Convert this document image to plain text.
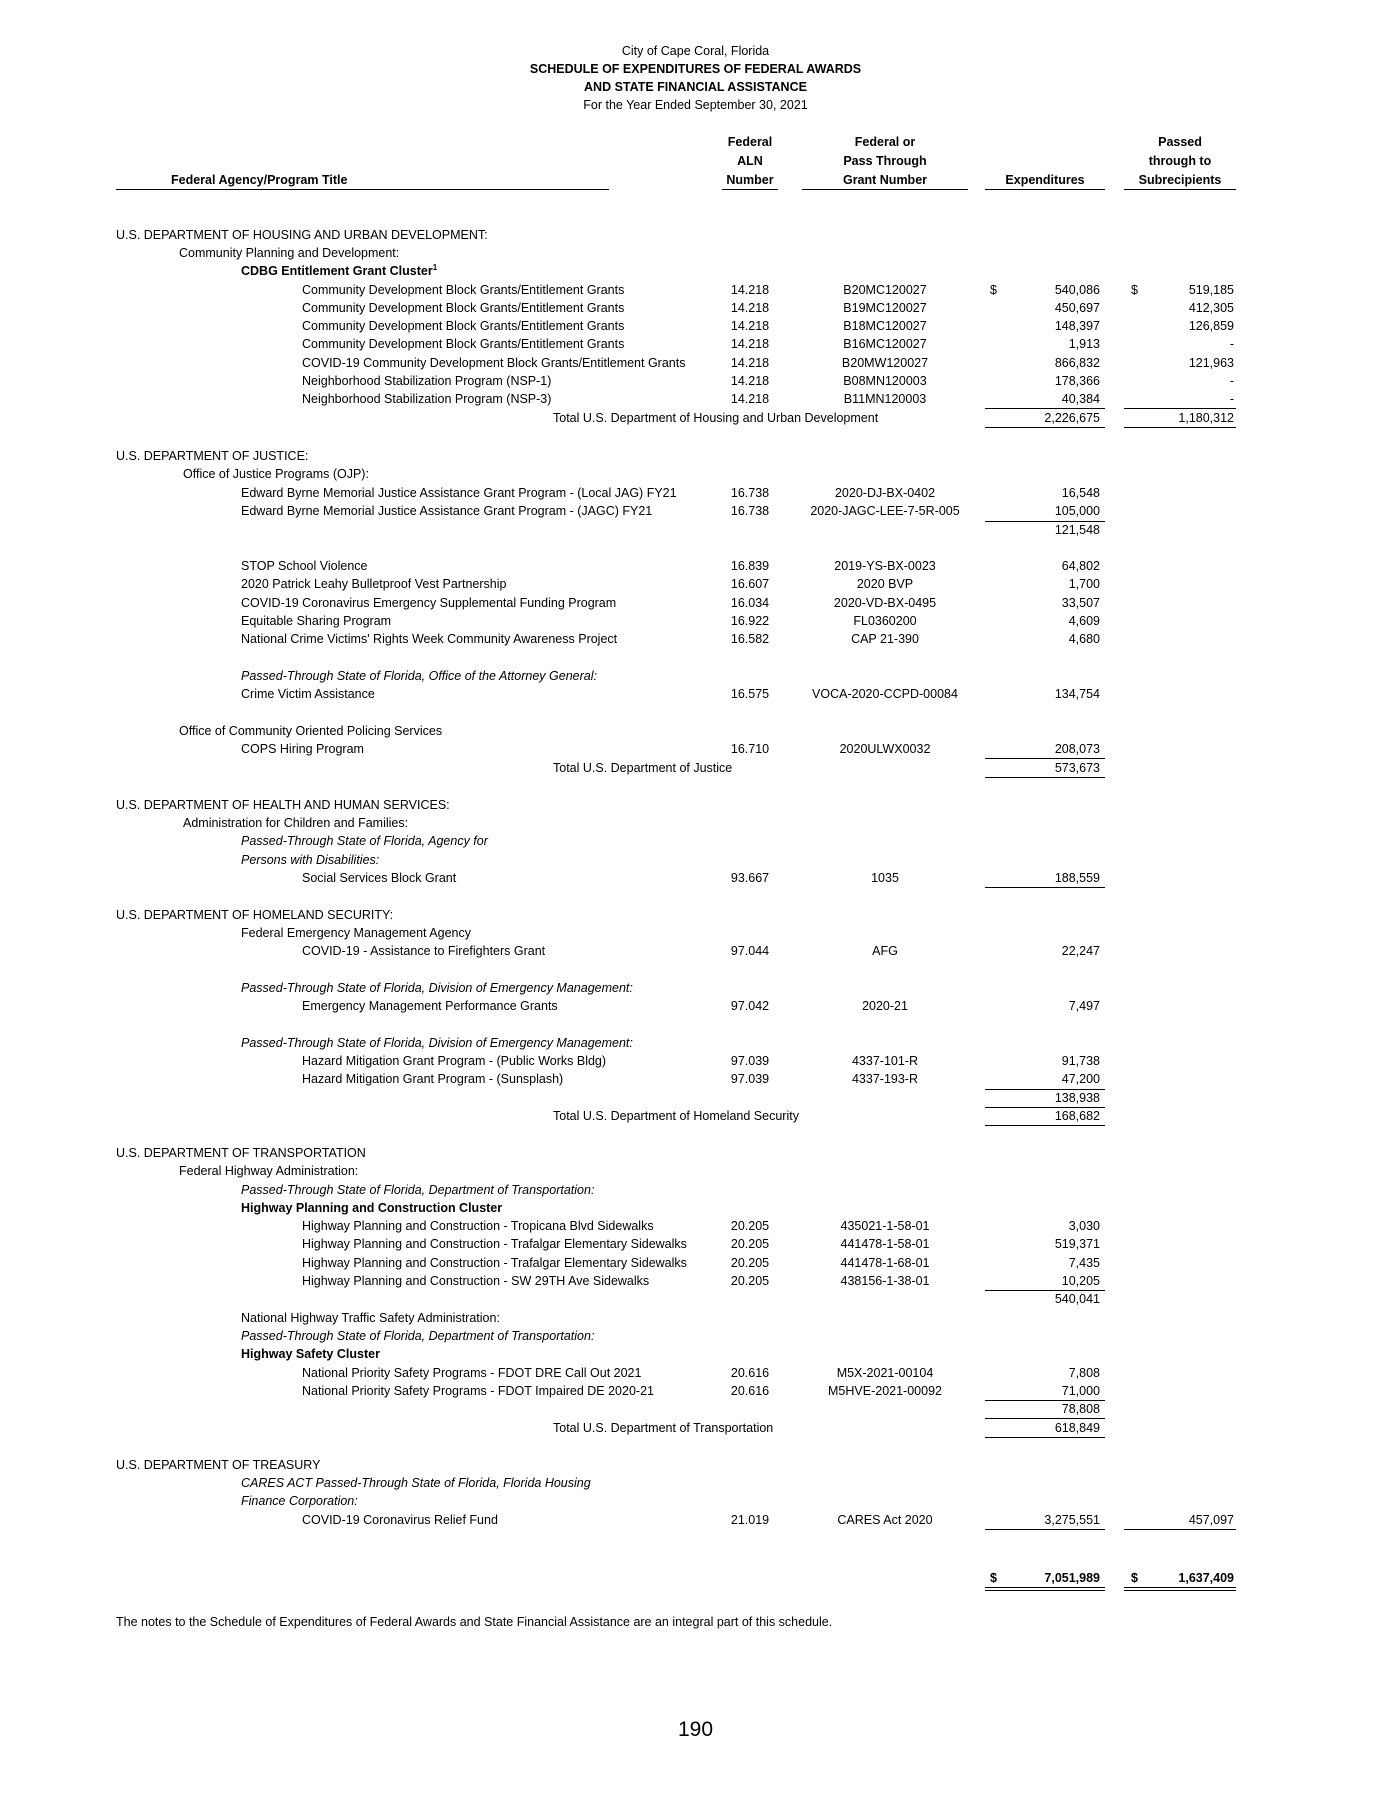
City of Cape Coral, Florida
SCHEDULE OF EXPENDITURES OF FEDERAL AWARDS
AND STATE FINANCIAL ASSISTANCE
For the Year Ended September 30, 2021
Federal Agency/Program Title
Federal
ALN
Number
Federal or
Pass Through
Grant Number	Expenditures
Passed
through to
Subrecipients
U.S. DEPARTMENT OF HOUSING AND URBAN DEVELOPMENT:
Community Planning and Development:
CDBG Entitlement Grant Cluster$^1$
Community Development Block Grants/Entitlement Grants	14.218	B20MC120027	$	540,086 $	519,185
Community Development Block Grants/Entitlement Grants	14.218	B19MC120027	450,697	412,305
Community Development Block Grants/Entitlement Grants	14.218	B18MC120027	148,397	126,859
Community Development Block Grants/Entitlement Grants	14.218	B16MC120027	1,913	-
COVID-19 Community Development Block Grants/Entitlement Grants	14.218	B20MW120027	866,832	121,963
Neighborhood Stabilization Program (NSP-1)	14.218	B08MN120003	178,366	-
Neighborhood Stabilization Program (NSP-3)	14.218	B11MN120003	40,384	-
Total U.S. Department of Housing and Urban Development	2,226,675	1,180,312
U.S. DEPARTMENT OF JUSTICE:
Office of Justice Programs (OJP):
Edward Byrne Memorial Justice Assistance Grant Program - (Local JAG) FY21	16.738	2020-DJ-BX-0402	16,548
Edward Byrne Memorial Justice Assistance Grant Program - (JAGC) FY21	16.738	2020-JAGC-LEE-7-5R-005	105,000
121,548
STOP School Violence	16.839	2019-YS-BX-0023	64,802
2020 Patrick Leahy Bulletproof Vest Partnership	16.607	2020 BVP	1,700
COVID-19 Coronavirus Emergency Supplemental Funding Program	16.034	2020-VD-BX-0495	33,507
Equitable Sharing Program	16.922	FL0360200	4,609
National Crime Victims' Rights Week Community Awareness Project	16.582	CAP 21-390	4,680
Passed-Through State of Florida, Office of the Attorney General:
Crime Victim Assistance	16.575	VOCA-2020-CCPD-00084	134,754
Office of Community Oriented Policing Services
COPS Hiring Program	16.710	2020ULWX0032	208,073
Total U.S. Department of Justice	573,673
U.S. DEPARTMENT OF HEALTH AND HUMAN SERVICES:
Administration for Children and Families:
Passed-Through State of Florida, Agency for
Persons with Disabilities:
Social Services Block Grant	93.667	1035	188,559
U.S. DEPARTMENT OF HOMELAND SECURITY:
Federal Emergency Management Agency
COVID-19 - Assistance to Firefighters Grant	97.044	AFG	22,247
Passed-Through State of Florida, Division of Emergency Management:
Emergency Management Performance Grants	97.042	2020-21	7,497
Passed-Through State of Florida, Division of Emergency Management:
Hazard Mitigation Grant Program - (Public Works Bldg)	97.039	4337-101-R	91,738
Hazard Mitigation Grant Program - (Sunsplash)	97.039	4337-193-R	47,200
138,938
Total U.S. Department of Homeland Security	168,682
U.S. DEPARTMENT OF TRANSPORTATION
Federal Highway Administration:
Passed-Through State of Florida, Department of Transportation:
Highway Planning and Construction Cluster
Highway Planning and Construction - Tropicana Blvd Sidewalks	20.205	435021-1-58-01	3,030
Highway Planning and Construction - Trafalgar Elementary Sidewalks	20.205	441478-1-58-01	519,371
Highway Planning and Construction - Trafalgar Elementary Sidewalks	20.205	441478-1-68-01	7,435
Highway Planning and Construction - SW 29TH Ave Sidewalks	20.205	438156-1-38-01	10,205
540,041
National Highway Traffic Safety Administration:
Passed-Through State of Florida, Department of Transportation:
Highway Safety Cluster
National Priority Safety Programs - FDOT DRE Call Out 2021	20.616	M5X-2021-00104	7,808
National Priority Safety Programs - FDOT Impaired DE 2020-21	20.616	M5HVE-2021-00092	71,000
78,808
Total U.S. Department of Transportation	618,849
U.S. DEPARTMENT OF TREASURY
CARES ACT Passed-Through State of Florida, Florida Housing
Finance Corporation:
COVID-19 Coronavirus Relief Fund	21.019	CARES Act 2020	3,275,551	457,097
$	7,051,989 $	1,637,409
The notes to the Schedule of Expenditures of Federal Awards and State Financial Assistance are an integral part of this schedule.
190
